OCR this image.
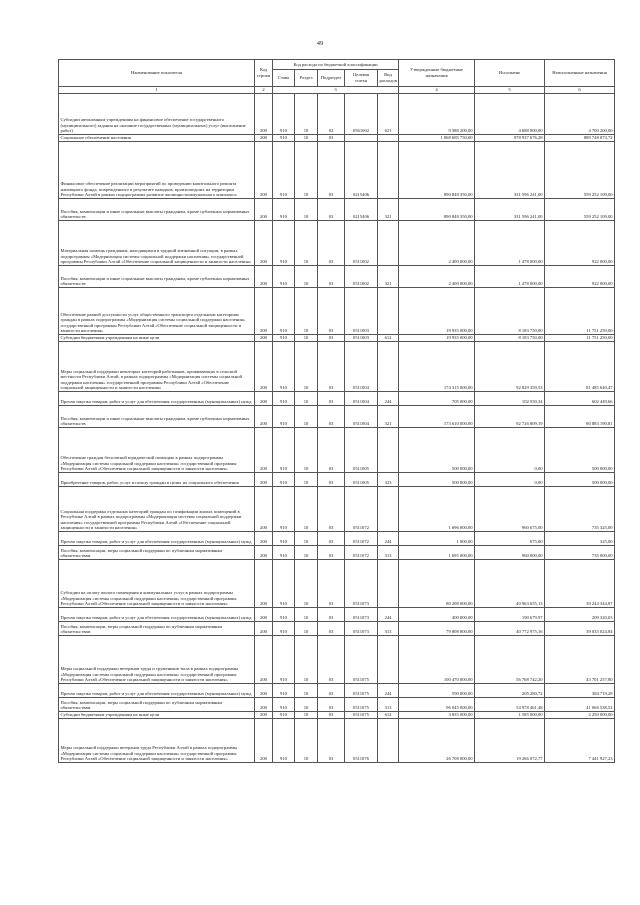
49
Наименование показателя	Код строки	Код расхода по бюджетной классификации					Утвержденные бюджетные назначения	Исполнено	Неисполненные назначения
		Глава	Раздел	Подраздел	Целевая статья	Вид расходов			
1	2	3					4	5	6
Субсидии автономным учреждениям на финансовое обеспечение государственного (муниципального) задания на оказание государственных (муниципальных) услуг (выполнение работ)	200	910	10	02	0561002	621	9 388 200,00	4 688 000,00	4 700 200,00
Социальное обеспечение населения	200	910	10	03			1 868 685 750,00	978 937 676,28	889 748 073,72
Финансовое обеспечение реализации мероприятий по проведению капитального ремонта жилищного фонда, поврежденного в результате паводков, произошедших на территории Республики Алтай в рамках подпрограммы развитие жилищно-коммунального комплекса	200	910	10	03	0215406		890 848 350,00	331 596 241,00	559 252 109,00
Пособия, компенсации и иные социальные выплаты гражданам, кроме публичных нормативных обязательств	200	910	10	03	0215406	321	890 848 350,00	331 596 241,00	559 252 109,00
Материальная помощь гражданам, находящимся в трудной жизненной ситуации, в рамках подпрограммы «Модернизация системы социальной поддержки населения» государственной программы Республики Алтай «Обеспечение социальной защищенности и занятости населения»	200	910	10	03	0511002		2 400 000,00	1 478 000,00	922 000,00
Пособия, компенсации и иные социальные выплаты гражданам, кроме публичных нормативных обязательств	200	910	10	03	0511002	321	2 400 000,00	1 478 000,00	922 000,00
Обеспечение равной доступности услуг общественного транспорта отдельным категориям граждан в рамках подпрограммы «Модернизация системы социальной поддержки населения» государственной программы Республики Алтай «Обеспечение социальной защищенности и занятости населения»	200	910	10	03	0511003		19 935 000,00	8 183 750,00	11 751 250,00
Субсидии бюджетным учреждениям на иные цели	200	910	10	03	0511003	612	19 935 000,00	8 183 750,00	11 751 250,00
Меры социальной поддержки некоторых категорий работников, проживающих в сельской местности Республики Алтай, в рамках подпрограммы «Модернизация системы социальной поддержки населения» государственной программы Республики Алтай «Обеспечение социальной защищенности и занятости населения»	200	910	10	03	0511004		174 315 000,00	92 829 359,53	81 485 640,47
Прочая закупка товаров, работ и услуг для обеспечения государственных (муниципальных) нужд	200	910	10	03	0511004	244	705 000,00	102 550,34	602 449,66
Пособия, компенсации и иные социальные выплаты гражданам, кроме публичных нормативных обязательств	200	910	10	03	0511004	321	173 610 000,00	92 726 809,19	80 883 190,81
Обеспечение граждан бесплатной юридической помощью в рамках подпрограммы «Модернизация системы социальной поддержки населения» государственной программы Республики Алтай «Обеспечение социальной защищенности и занятости населения»	200	910	10	03	0511005		500 000,00	0,00	500 000,00
Приобретение товаров, работ, услуг в пользу граждан в целях их социального обеспечения	200	910	10	03	0511005	323	500 000,00	0,00	500 000,00
Социальная поддержка отдельных категорий граждан по газификации жилых помещений в Республике Алтай в рамках подпрограммы «Модернизация системы социальной поддержки населения» государственной программы Республики Алтай «Обеспечение социальной защищенности и занятости населения»	200	910	10	03	0511072		1 696 000,00	960 675,00	735 325,00
Прочая закупка товаров, работ и услуг для обеспечения государственных (муниципальных) нужд	200	910	10	03	0511072	244	1 000,00	675,00	325,00
Пособия, компенсации, меры социальной поддержки по публичным нормативным обязательствам	200	910	10	03	0511072	313	1 695 000,00	960 000,00	735 000,00
Субсидии на оплату жилого помещения и коммунальных услуг в рамках подпрограммы «Модернизация системы социальной поддержки населения» государственной программы Республики Алтай «Обеспечение социальной защищенности и занятости населения»	200	910	10	03	0511073		80 208 000,00	40 963 655,13	39 244 344,87
Прочая закупка товаров, работ и услуг для обеспечения государственных (муниципальных) нужд	200	910	10	03	0511073	244	400 000,00	190 679,97	209 320,03
Пособия, компенсации, меры социальной поддержки по публичным нормативным обязательствам	200	910	10	03	0511073	313	79 808 000,00	40 772 975,16	39 035 024,84
Меры социальной поддержки ветеранов труда и тружеников тыла в рамках подпрограммы «Модернизация системы социальной поддержки населения» государственной программы Республики Алтай «Обеспечение социальной защищенности и занятости населения»	200	910	10	03	0511075		100 470 000,00	56 768 742,20	43 701 257,80
Прочая закупка товаров, работ и услуг для обеспечения государственных (муниципальных) нужд	200	910	10	03	0511075	244	590 000,00	205 280,72	384 719,28
Пособия, компенсации, меры социальной поддержки по публичным нормативным обязательствам	200	910	10	03	0511075	313	96 045 000,00	54 978 461,48	41 066 538,52
Субсидии бюджетным учреждениям на иные цели	200	910	10	03	0511075	612	3 835 000,00	1 585 000,00	2 250 000,00
Меры социальной поддержки ветеранов труда Республики Алтай в рамках подпрограммы «Модернизация системы социальной поддержки населения» государственной программы Республики Алтай «Обеспечение социальной защищенности и занятости населения»	200	910	10	03	0511076		26 708 000,00	19 266 072,77	7 441 927,23
